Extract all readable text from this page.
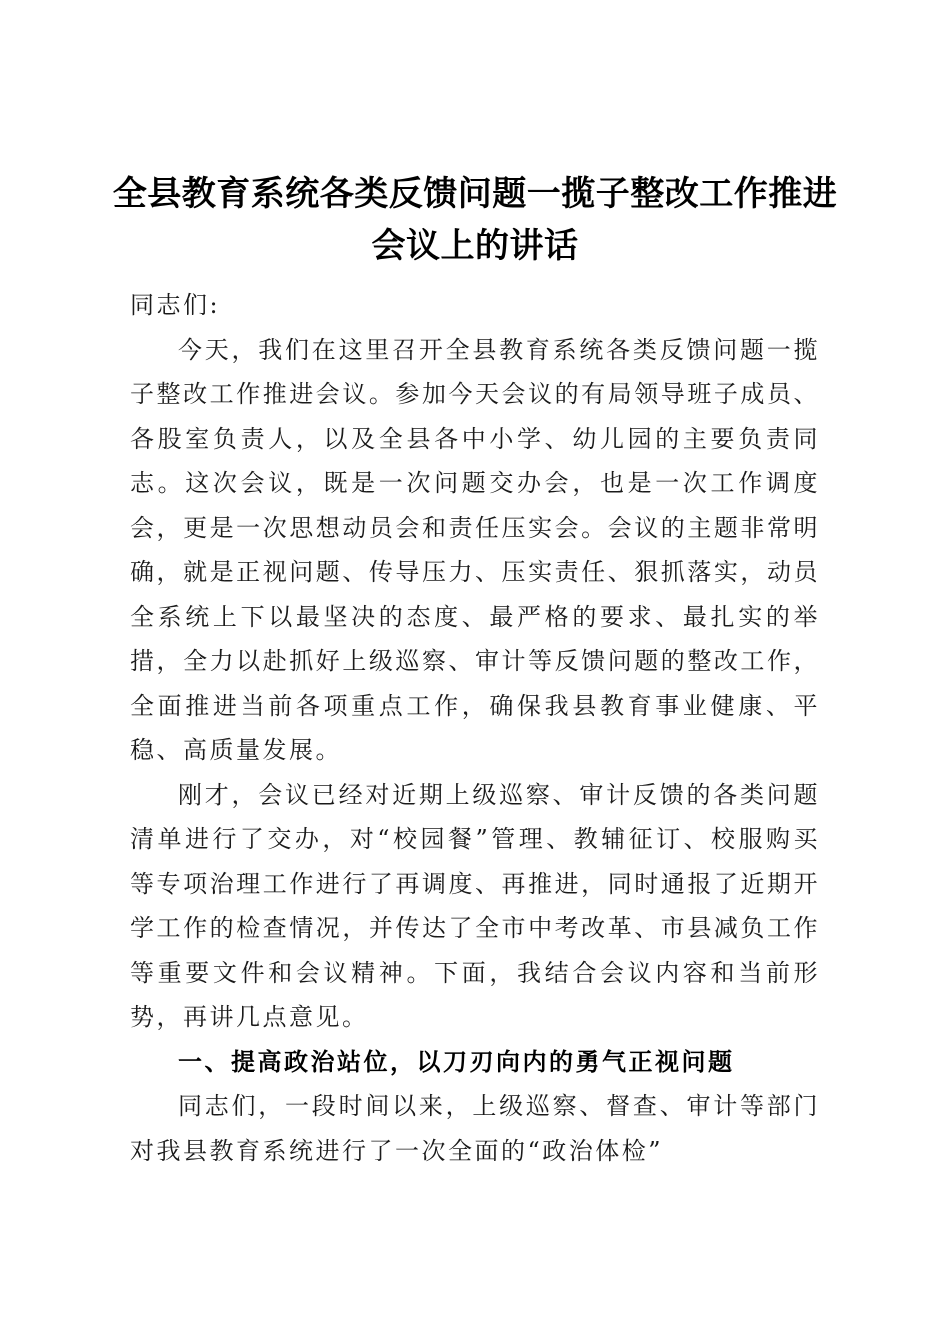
全县教育系统各类反馈问题一揽子整改工作推进会议上的讲话

同志们:

今天，我们在这里召开全县教育系统各类反馈问题一揽子整改工作推进会议。参加今天会议的有局领导班子成员、各股室负责人，以及全县各中小学、幼儿园的主要负责同志。这次会议，既是一次问题交办会，也是一次工作调度会，更是一次思想动员会和责任压实会。会议的主题非常明确，就是正视问题、传导压力、压实责任、狠抓落实，动员全系统上下以最坚决的态度、最严格的要求、最扎实的举措，全力以赴抓好上级巡察、审计等反馈问题的整改工作，全面推进当前各项重点工作，确保我县教育事业健康、平稳、高质量发展。

刚才，会议已经对近期上级巡察、审计反馈的各类问题清单进行了交办，对“校园餐”管理、教辅征订、校服购买等专项治理工作进行了再调度、再推进，同时通报了近期开学工作的检查情况，并传达了全市中考改革、市县减负工作等重要文件和会议精神。下面，我结合会议内容和当前形势，再讲几点意见。

一、提高政治站位，以刀刃向内的勇气正视问题

同志们，一段时间以来，上级巡察、督查、审计等部门对我县教育系统进行了一次全面的“政治体检”
